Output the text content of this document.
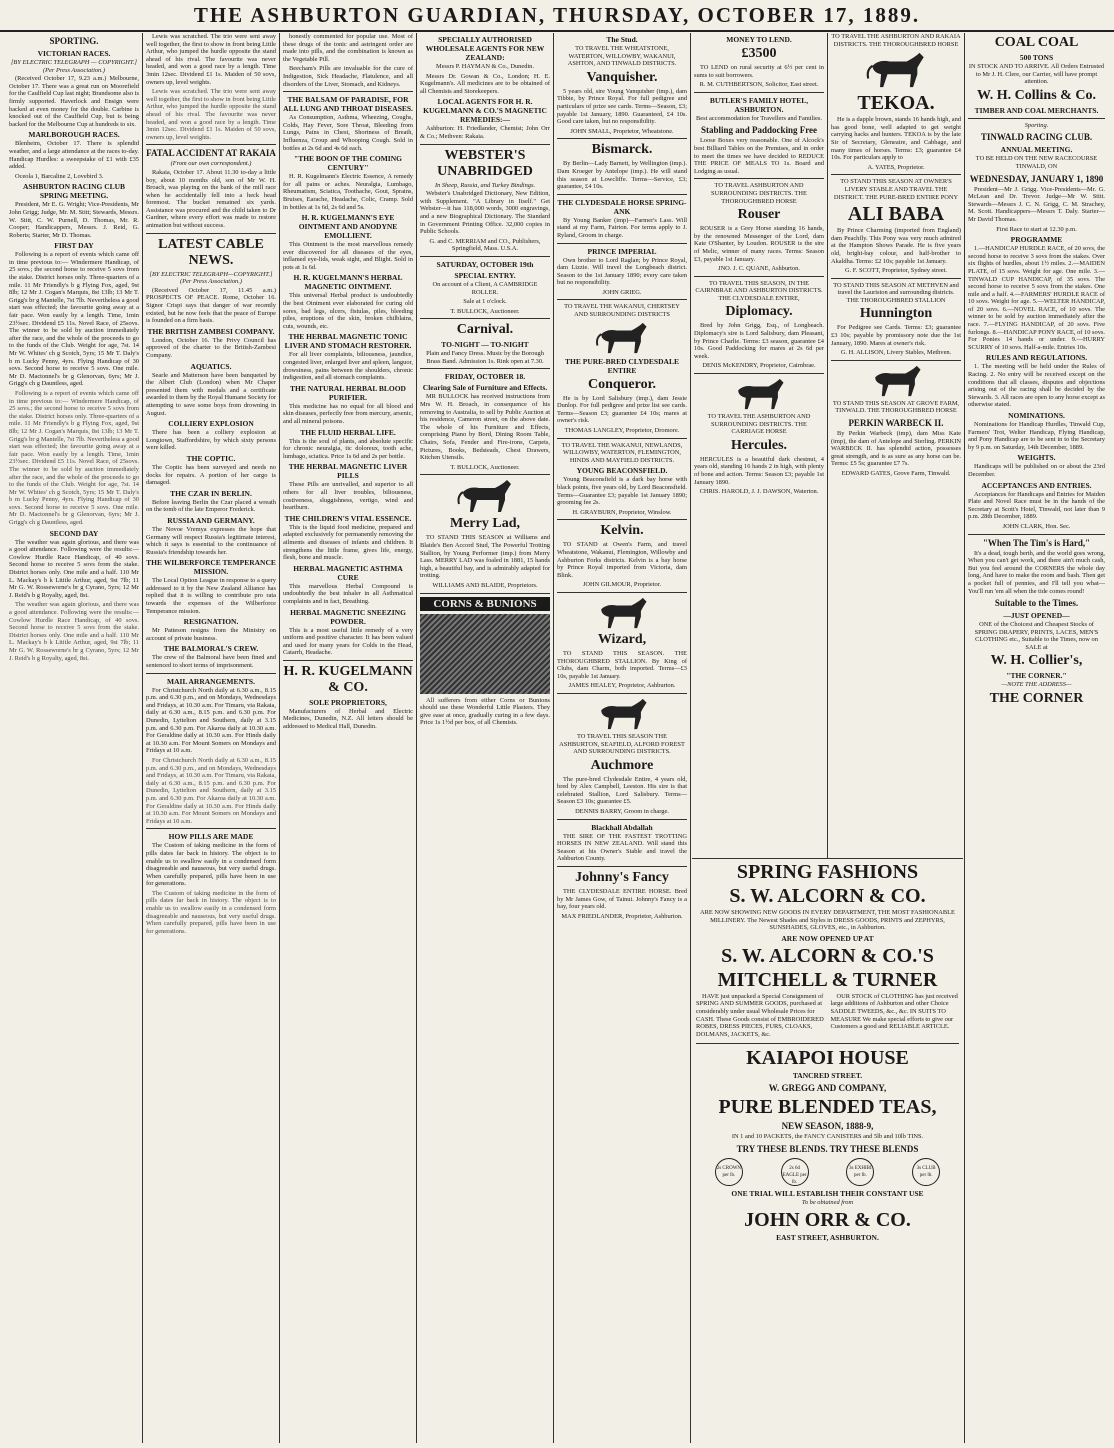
THE ASHBURTON GUARDIAN, THURSDAY, OCTOBER 17, 1889.
SPORTING.
VICTORIAN RACES.
[BY ELECTRIC TELEGRAPH — COPYRIGHT.] (Per Press Association.)

(Received October 17, 9.23 a.m.) Melbourne, October 17. There was a great run on Moorefield for the Caulfield Cup last night; Brandsome also is firmly supported. Haverlock and Ensign were backed at even money for the double. Carbine is knocked out of the Caulfield Cup, but is being backed for the Melbourne Cup at hundreds to six.

MARLBOROUGH RACES.

Blenheim, October 17. There is splendid weather, and a large attendance at the races to-day. Handicap Hurdles: a sweepstake of £1 with £35 added.

Oceola 1, Barcaline 2, Lovebird 3.

ASHBURTON RACING CLUB SPRING MEETING.

President, Mr E. G. Wright; Vice-Presidents, Mr John Grigg; Judge, Mr. M. Stitt; Stewards, Messrs. W. Stitt, C. W. Purnell, D. Thomas, Mr. R. Cooper; Handicappers, Messrs. J. Reid, G. Roberts; Starter, Mr D. Thomas.

FIRST DAY

Following is a report of events which came off in time previous to:— Windermere Handicap, of 25 sovs.; the second horse to receive 5 sovs from the stake. District horses only. Three-quarters of a mile. 11 Mr Friendly's b g Flying Fox, aged, 9st 8lb; 12 Mr J. Cogan's Marquis, 8st 13lb; 13 Mr T. Grigg's br g Mantelle, 7st 7lb. Nevertheless a good start was effected; the favourite going away at a fair pace. Won easily by a length. Time, 1min 23½sec. Dividend £5 11s. Novel Race, of 25sovs. The winner to be sold by auction immediately after the race, and the whole of the proceeds to go to the funds of the Club. Weight for age, 7st. 14 Mr W. Whites' ch g Scotch, 5yrs; 15 Mr T. Daly's b m Lucky Penny, 4yrs. Flying Handicap of 30 sovs. Second horse to receive 5 sovs. One mile. Mr D. Mactonnel's br g Glenorvan, 6yrs; Mr J. Grigg's ch g Dauntless, aged.

Following is a report of events which came off in time previous to:— Windermere Handicap, of 25 sovs.; the second horse to receive 5 sovs from the stake. District horses only. Three-quarters of a mile. 11 Mr Friendly's b g Flying Fox, aged, 9st 8lb; 12 Mr J. Cogan's Marquis, 8st 13lb; 13 Mr T. Grigg's br g Mantelle, 7st 7lb. Nevertheless a good start was effected; the favourite going away at a fair pace. Won easily by a length. Time, 1min 23½sec. Dividend £5 11s. Novel Race, of 25sovs. The winner to be sold by auction immediately after the race, and the whole of the proceeds to go to the funds of the Club. Weight for age, 7st. 14 Mr W. Whites' ch g Scotch, 5yrs; 15 Mr T. Daly's b m Lucky Penny, 4yrs. Flying Handicap of 30 sovs. Second horse to receive 5 sovs. One mile. Mr D. Mactonnel's br g Glenorvan, 6yrs; Mr J. Grigg's ch g Dauntless, aged.

SECOND DAY

The weather was again glorious, and there was a good attendance. Following were the results:— Cowlow Hurdle Race Handicap, of 40 sovs. Second horse to receive 5 sovs from the stake. District horses only. One mile and a half. 110 Mr L. Mackay's b k Lititle Arthur, aged, 9st 7lb; 11 Mr G. W. Rosseworne's br g Cyrano, 5yrs; 12 Mr J. Reid's b g Royalty, aged, 8st.

The weather was again glorious, and there was a good attendance. Following were the results:— Cowlow Hurdle Race Handicap, of 40 sovs. Second horse to receive 5 sovs from the stake. District horses only. One mile and a half. 110 Mr L. Mackay's b k Lititle Arthur, aged, 9st 7lb; 11 Mr G. W. Rosseworne's br g Cyrano, 5yrs; 12 Mr J. Reid's b g Royalty, aged, 8st.

Lewis was scratched. The trio were sent away well together, the first to show in front being Little Arthur, who jumped the hurdle opposite the stand ahead of his rival. The favourite was never headed, and won a good race by a length. Time 3min 12sec. Dividend £1 1s. Maiden of 50 sovs, owners up, level weights.

Lewis was scratched. The trio were sent away well together, the first to show in front being Little Arthur, who jumped the hurdle opposite the stand ahead of his rival. The favourite was never headed, and won a good race by a length. Time 3min 12sec. Dividend £1 1s. Maiden of 50 sovs, owners up, level weights.

FATAL ACCIDENT AT RAKAIA
(From our own correspondent.)

Rakaia, October 17. About 11.30 to-day a little boy, about 10 months old, son of Mr W. H. Broach, was playing on the bank of the mill race when he accidentally fell into a heck head foremost. The bucket remained six yards. Assistance was procured and the child taken to Dr Gardner, where every effort was made to restore animation but without success.

LATEST CABLE NEWS.
[BY ELECTRIC TELEGRAPH—COPYRIGHT.] (Per Press Association.)

(Received October 17, 11.45 a.m.) PROSPECTS OF PEACE. Rome, October 16. Signor Crispi says that danger of war recently existed, but he now feels that the peace of Europe is founded on a firm basis.

THE BRITISH ZAMBESI COMPANY.

London, October 16. The Privy Council has approved of the charter to the British-Zambesi Company.

AQUATICS.

Searle and Matterson have been banqueted by the Albert Club (London) when Mr Chaper presented them with medals and a certificate awarded to them by the Royal Humane Society for attempting to save some boys from drowning in August.

COLLIERY EXPLOSION

There has been a colliery explosion at Longtown, Staffordshire, by which sixty persons were killed.

THE COPTIC.

The Coptic has been surveyed and needs no docks for repairs. A portion of her cargo is damaged.

THE CZAR IN BERLIN.

Before leaving Berlin the Czar placed a wreath on the tomb of the late Emperor Frederick.

RUSSIA AND GERMANY.

The Novoe Vremya expresses the hope that Germany will respect Russia's legitimate interest, which it says is essential to the continuance of Russia's friendship towards her.

THE WILBERFORCE TEMPERANCE MISSION.

The Local Option League in response to a query addressed to it by the New Zealand Alliance has replied that it is willing to contribute pro rata towards the expenses of the Wilberforce Temperance mission.

RESIGNATION.

Mr Patteson resigns from the Ministry on account of private business.

THE BALMORAL'S CREW.

The crew of the Balmoral have been fined and sentenced to short terms of imprisonment.

MAIL ARRANGEMENTS.

For Christchurch North daily at 6.30 a.m., 8.15 p.m. and 6.30 p.m., and on Mondays, Wednesdays and Fridays, at 10.30 a.m. For Timaru, via Rakaia, daily at 6.30 a.m., 8.15 p.m. and 6.30 p.m. For Dunedin, Lyttelton and Southern, daily at 3.15 p.m. and 6.30 p.m. For Akaroa daily at 10.30 a.m. For Geraldine daily at 10.30 a.m. For Hinds daily at 10.30 a.m. For Mount Somers on Mondays and Fridays at 10 a.m.

For Christchurch North daily at 6.30 a.m., 8.15 p.m. and 6.30 p.m., and on Mondays, Wednesdays and Fridays, at 10.30 a.m. For Timaru, via Rakaia, daily at 6.30 a.m., 8.15 p.m. and 6.30 p.m. For Dunedin, Lyttelton and Southern, daily at 3.15 p.m. and 6.30 p.m. For Akaroa daily at 10.30 a.m. For Geraldine daily at 10.30 a.m. For Hinds daily at 10.30 a.m. For Mount Somers on Mondays and Fridays at 10 a.m.

HOW PILLS ARE MADE

The Custom of taking medicine in the form of pills dates far back in history. The object is to enable us to swallow easily in a condensed form disagreeable and nauseous, but very useful drugs. When carefully prepared, pills have been in use for generations.

The Custom of taking medicine in the form of pills dates far back in history. The object is to enable us to swallow easily in a condensed form disagreeable and nauseous, but very useful drugs. When carefully prepared, pills have been in use for generations.

honestly commented for popular use. Most of these drugs of the tonic and astringent order are made into pills, and the combination is known as the Vegetable Pill.

Beecham's Pills are invaluable for the cure of Indigestion, Sick Headache, Flatulence, and all disorders of the Liver, Stomach, and Kidneys.

THE BALSAM OF PARADISE, FOR ALL LUNG AND THROAT DISEASES.

As Consumption, Asthma, Wheezing, Coughs, Colds, Hay Fever, Sore Throat, Bleeding from Lungs, Pains in Chest, Shortness of Breath, Influenza, Croup and Whooping Cough. Sold in bottles at 2s 6d and 4s 6d each.

"THE BOON OF THE COMING CENTURY"

H. R. Kugelmann's Electric Essence, A remedy for all pains or aches. Neuralgia, Lumbago, Rheumatism, Sciatica, Toothache, Gout, Sprains, Bruises, Earache, Headache, Colic, Cramp. Sold in bottles at 1s 6d, 2s 6d and 5s.

H. R. KUGELMANN'S EYE OINTMENT AND ANODYNE EMOLLIENT.

This Ointment is the most marvellous remedy ever discovered for all diseases of the eyes, inflamed eye-lids, weak sight, and Blight. Sold in pots at 1s 6d.

H. R. KUGELMANN'S HERBAL MAGNETIC OINTMENT.

This universal Herbal product is undoubtedly the best Ointment ever elaborated for curing old sores, bad legs, ulcers, fistulas, piles, bleeding piles, eruptions of the skin, broken chilblains, cuts, wounds, etc.

THE HERBAL MAGNETIC TONIC LIVER AND STOMACH RESTORER.

For all liver complaints, biliousness, jaundice, congested liver, enlarged liver and spleen, languor, drowsiness, pains between the shoulders, chronic indigestion, and all stomach complaints.

THE NATURAL HERBAL BLOOD PURIFIER.

This medicine has no equal for all blood and skin diseases, perfectly free from mercury, arsenic, and all mineral poisons.

THE FLUID HERBAL LIFE.

This is the soul of plants, and absolute specific for chronic neuralgia, tic doloreux, tooth ache, lumbago, sciatica. Price 1s 6d and 2s per bottle.

THE HERBAL MAGNETIC LIVER PILLS

These Pills are unrivalled, and superior to all others for all liver troubles, biliousness, costiveness, sluggishness, vertigo, wind and heartburn.

THE CHILDREN'S VITAL ESSENCE.

This is the liquid food medicine, prepared and adapted exclusively for permanently removing the ailments and diseases of infants and children. It strengthens the little frame, gives life, energy, flesh, bone and muscle.

HERBAL MAGNETIC ASTHMA CURE

This marvellous Herbal Compound is undoubtedly the best inhaler in all Asthmatical complaints and in fact, Breathing.

HERBAL MAGNETIC SNEEZING POWDER.

This is a most useful little remedy of a very uniform and positive character. It has been valued and used for many years for Colds in the Head, Catarrh, Headache.

H. R. KUGELMANN & CO.
SOLE PROPRIETORS,

Manufacturers of Herbal and Electric Medicines, Dunedin, N.Z. All letters should be addressed to Medical Hall, Dunedin.

SPECIALLY AUTHORISED WHOLESALE AGENTS FOR NEW ZEALAND:

Messrs P. HAYMAN & Co., Dunedin.

Messrs Dr. Gowan & Co., London; H. E. Kugelmann's. All medicines are to be obtained of all Chemists and Storekeepers.

LOCAL AGENTS FOR H. R. KUGELMANN & CO.'S MAGNETIC REMEDIES:—

Ashburton: H. Friedlander, Chemist; John Orr & Co.; Methven: Rakaia.

WEBSTER'S UNABRIDGED
In Sheep, Russia, and Turkey Bindings.

Webster's Unabridged Dictionary, New Edition, with Supplement. "A Library in Itself." Get Webster—it has 118,000 words, 3000 engravings, and a new Biographical Dictionary. The Standard in Government Printing Office. 32,000 copies in Public Schools.

G. and C. MERRIAM and CO., Publishers, Springfield, Mass. U.S.A.

SATURDAY, OCTOBER 19th
SPECIAL ENTRY.

On account of a Client, A CAMBRIDGE ROLLER.

Sale at 1 o'clock.

T. BULLOCK, Auctioneer.

Carnival.
TO-NIGHT — TO-NIGHT

Plain and Fancy Dress. Music by the Borough Brass Band. Admission 1s. Rink open at 7.30.

FRIDAY, OCTOBER 18.
Clearing Sale of Furniture and Effects.

MR BULLOCK has received instructions from Mrs W. H. Broach, in consequence of his removing to Australia, to sell by Public Auction at his residence, Cameron street, on the above date. The whole of his Furniture and Effects, comprising Piano by Bord, Dining Room Table, Chairs, Sofa, Fender and Fire-irons, Carpets, Pictures, Books, Bedsteads, Chest Drawers, Kitchen Utensils.

T. BULLOCK, Auctioneer.

Merry Lad,

TO STAND THIS SEASON at Williams and Blaide's Ben Accord Stud, The Powerful Trotting Stallion, by Young Performer (imp.) from Merry Lass. MERRY LAD was foaled in 1881, 15 hands high, a beautiful bay, and is admirably adapted for trotting.

WILLIAMS AND BLAIDE, Proprietors.

CORNS & BUNIONS

All sufferers from either Corns or Bunions should use these Wonderful Little Plasters. They give ease at once, gradually curing in a few days. Price 1s 1½d per box, of all Chemists.

The Stud.

TO TRAVEL THE WHEATSTONE, WATERTON, WILLOWBY, WAKANUI, ASHTON, AND TINWALD DISTRICTS.

Vanquisher.

5 years old, sire Young Vanquisher (imp.), dam Tibbie, by Prince Royal. For full pedigree and particulars of prize see cards. Terms—Season, £3; payable 1st January, 1890. Guaranteed, £4 10s. Good care taken, but no responsibility.

JOHN SMALL, Proprietor, Wheatstone.

Bismarck.

By Berlin—Lady Barnett, by Wellington (imp.). Dam Kroeger by Antelope (imp.). He will stand this season at Lowcliffe. Terms—Service, £3; guarantee, £4 10s.

THE CLYDESDALE HORSE SPRING-ANK

By Young Banker (imp)—Farmer's Lass. Will stand at my Farm, Fairton. For terms apply to J. Ryland, Groom in charge.

PRINCE IMPERIAL

Own brother to Lord Raglan; by Prince Royal, dam Lizzie. Will travel the Longbeach district. Season to the 1st January 1890; every care taken but no responsibility.

JOHN GRIEG.

TO TRAVEL THE WAKANUI, CHERTSEY AND SURROUNDING DISTRICTS

THE PURE-BRED CLYDESDALE ENTIRE
Conqueror.

He is by Lord Salisbury (imp.), dam Jessie Dunlop. For full pedigree and prize list see cards. Terms—Season £3; guarantee £4 10s; mares at owner's risk.

THOMAS LANGLEY, Proprietor, Dromore.

TO TRAVEL THE WAKANUI, NEWLANDS, WILLOWBY, WATERTON, FLEMINGTON, HINDS AND MAYFIELD DISTRICTS.

YOUNG BEACONSFIELD.

Young Beaconsfield is a dark bay horse with black points, five years old, by Lord Beaconsfield. Terms—Guarantee £3; payable 1st January 1890; grooming fee 2s.

H. GRAYBURN, Proprietor, Winslow.

Kelvin.

TO STAND at Owen's Farm, and travel Wheatstone, Wakanui, Flemington, Willowby and Ashburton Forks districts. Kelvin is a bay horse by Prince Royal imported from Victoria, dam Blink.

JOHN GILMOUR, Proprietor.

Wizard,

TO STAND THIS SEASON. THE THOROUGHBRED STALLION. By King of Clubs, dam Charm, both imported. Terms—£3 10s, payable 1st January.

JAMES HEALEY, Proprietor, Ashburton.

TO TRAVEL THIS SEASON THE ASHBURTON, SEAFIELD, ALFORD FOREST AND SURROUNDING DISTRICTS.

Auchmore

The pure-bred Clydesdale Entire, 4 years old, bred by Alex Campbell, Leeston. His sire is that celebrated Stallion, Lord Salisbury. Terms—Season £3 10s; guarantee £5.

DENNIS BARRY, Groom in charge.

Blackhall Abdallah

THE SIRE OF THE FASTEST TROTTING HORSES IN NEW ZEALAND. Will stand this Season at his Owner's Stable and travel the Ashburton County.

Johnny's Fancy

THE CLYDESDALE ENTIRE HORSE. Bred by Mr James Gow, of Tainui. Johnny's Fancy is a bay, four years old.

MAX FRIEDLANDER, Proprietor, Ashburton.

MONEY TO LEND.
£3500

TO LEND on rural security at 6½ per cent in sums to suit borrowers.

R. M. CUTHBERTSON, Solicitor, East street.

BUTLER'S FAMILY HOTEL, ASHBURTON.

Best accommodation for Travellers and Families.

Stabling and Paddocking Free

Loose Boxes very reasonable. One of Alcock's best Billiard Tables on the Premises, and in order to meet the times we have decided to REDUCE THE PRICE OF MEALS TO 1s. Board and Lodging as usual.

TO TRAVEL ASHBURTON AND SURROUNDING DISTRICTS. THE THOROUGHBRED HORSE

Rouser

ROUSER is a Grey Horse standing 16 hands, by the renowned Messenger of the Lord, dam Kate O'Shanter, by Loudon. ROUSER is the sire of Melic, winner of many races. Terms: Season £3, payable 1st January.

JNO. J. C. QUANE, Ashburton.

TO TRAVEL THIS SEASON, IN THE CAIRNBRAE AND ASHBURTON DISTRICTS. THE CLYDESDALE ENTIRE,

Diplomacy.

Bred by John Grigg, Esq., of Longbeach. Diplomacy's sire is Lord Salisbury, dam Pleasant, by Prince Charlie. Terms: £3 season, guarantee £4 10s. Good Paddocking for mares at 2s 6d per week.

DENIS McKENDRY, Proprietor, Cairnbrae.

TO TRAVEL THE ASHBURTON AND SURROUNDING DISTRICTS. THE CARRIAGE HORSE

Hercules.

HERCULES is a beautiful dark chestnut, 4 years old, standing 16 hands 2 in high, with plenty of bone and action. Terms: Season £3; payable 1st January 1890.

CHRIS. HAROLD, J. J. DAWSON, Waterton.

TO TRAVEL THE ASHBURTON AND RAKAIA DISTRICTS. THE THOROUGHBRED HORSE

TEKOA.

He is a dapple brown, stands 16 hands high, and has good bone, well adapted to get weight carrying hacks and hunters. TEKOA is by the late Sir of Secretary, Gleneaire, and Cabbage, and many times of horses. Terms: £3; guarantee £4 10s. For particulars apply to

A. YATES, Proprietor.

TO STAND THIS SEASON AT OWNER'S LIVERY STABLE AND TRAVEL THE DISTRICT. THE PURE-BRED ENTIRE PONY

ALI BABA

By Prince Charming (imported from England) dam Peachfly. This Pony was very much admired at the Hampton Shows Parade. He is five years old, bright-bay colour, and half-brother to Akaldha. Terms: £2 10s; payable 1st January.

G. F. SCOTT, Proprietor, Sydney street.

TO STAND THIS SEASON AT METHVEN and travel the Lauriston and surrounding districts. THE THOROUGHBRED STALLION

Hunnington

For Pedigree see Cards. Terms: £3; guarantee £3 10s; payable by promissory note due the 1st January, 1890. Mares at owner's risk.

G. H. ALLISON, Livery Stables, Methven.

TO STAND THIS SEASON AT GROVE FARM, TINWALD. THE THOROUGHBRED HORSE

PERKIN WARBECK II.

By Perkin Warbeck (imp), dam Miss Kate (imp), the dam of Antelope and Sterling. PERKIN WARBECK II. has splendid action, possesses great strength, and is as sure as any horse can be. Terms: £5 5s; guarantee £7 7s.

EDWARD GATES, Grove Farm, Tinwald.

COAL COAL
500 TONS

IN STOCK AND TO ARRIVE. All Orders Entrusted to Mr J. H. Clere, our Carrier, will have prompt attention.

W. H. Collins & Co.
TIMBER AND COAL MERCHANTS.
Sporting.
TINWALD RACING CLUB.
ANNUAL MEETING.

TO BE HELD ON THE NEW RACECOURSE TINWALD, ON

WEDNESDAY, JANUARY 1, 1890

President—Mr J. Grigg. Vice-Presidents—Mr. G. McLean and Dr. Trevor. Judge—Mr W. Stitt. Stewards—Messrs J. C. N. Grigg, C. M. Strachey, M. Scott. Handicappers—Messrs T. Daly. Starter—Mr David Thomas.

First Race to start at 12.30 p.m.

PROGRAMME

1.—HANDICAP HURDLE RACE, of 20 sovs, the second horse to receive 3 sovs from the stakes. Over six flights of hurdles, about 1½ miles. 2.—MAIDEN PLATE, of 15 sovs. Weight for age. One mile. 3.—TINWALD CUP HANDICAP, of 35 sovs. The second horse to receive 5 sovs from the stakes. One mile and a half. 4.—FARMERS' HURDLE RACE of 10 sovs. Weight for age. 5.—WELTER HANDICAP, of 20 sovs. 6.—NOVEL RACE, of 10 sovs. The winner to be sold by auction immediately after the race. 7.—FLYING HANDICAP, of 20 sovs. Five furlongs. 8.—HANDICAP PONY RACE, of 10 sovs. For Ponies 14 hands or under. 9.—HURRY SCURRY of 10 sovs. Half-a-mile. Entries 10s.

RULES AND REGULATIONS.

1. The meeting will be held under the Rules of Racing. 2. No entry will be received except on the conditions that all classes, disputes and objections arising out of the racing shall be decided by the Stewards. 3. All races are open to any horse except as otherwise stated.

NOMINATIONS.

Nominations for Handicap Hurdles, Tinwald Cup, Farmers' Trot, Welter Handicap, Flying Handicap, and Pony Handicap are to be sent in to the Secretary by 9 p.m. on Saturday, 14th December, 1889.

WEIGHTS.

Handicaps will be published on or about the 23rd December.

ACCEPTANCES AND ENTRIES.

Acceptances for Handicaps and Entries for Maiden Plate and Novel Race must be in the hands of the Secretary at Scott's Hotel, Tinwald, not later than 9 p.m. 28th December, 1889.

JOHN CLARK, Hon. Sec.

"When The Tim's is Hard,"

It's a dead, tough berth, and the world goes wrong, When you can't get work, and there ain't much cash, But you feel around the CORNERS the whole day long, And have to make the room and bash. Then get a pocket full of pennies, and I'll tell you what—You'll run 'em all when the tide comes round!

Suitable to the Times.
—JUST OPENED—

ONE of the Choicest and Cheapest Stocks of SPRING DRAPERY, PRINTS, LACES, MEN'S CLOTHING etc., Suitable to the Times, now on SALE at

W. H. Collier's,
"THE CORNER."
—NOTE THE ADDRESS—
THE CORNER
SPRING FASHIONS
S. W. ALCORN & CO.

ARE NOW SHOWING NEW GOODS IN EVERY DEPARTMENT, THE MOST FASHIONABLE MILLINERY. The Newest Shades and Styles in DRESS GOODS, PRINTS and ZEPHYRS, SUNSHADES, GLOVES, etc., in Ashburton.

ARE NOW OPENED UP AT
S. W. ALCORN & CO.'S
MITCHELL & TURNER

HAVE just unpacked a Special Consignment of SPRING AND SUMMER GOODS, purchased at considerably under usual Wholesale Prices for CASH. These Goods consist of EMBROIDERED ROBES, DRESS PIECES, FURS, CLOAKS, DOLMANS, JACKETS, &c.

OUR STOCK of CLOTHING has just received large additions of Ashburton and other Choice SADDLE TWEEDS, &c., &c. IN SUITS TO MEASURE We make special efforts to give our Customers a good and RELIABLE ARTICLE.

KAIAPOI HOUSE
TANCRED STREET.
W. GREGG AND COMPANY,
PURE BLENDED TEAS,
NEW SEASON, 1888-9,

IN 1 and 10 PACKETS, the FANCY CANISTERS and 5lb and 10lb TINS.

TRY THESE BLENDS. TRY THESE BLENDS
2s CROWN per lb.
2s 6d EAGLE per lb.
3s EXHIBI per lb.
3s CLUB per lb.
ONE TRIAL WILL ESTABLISH THEIR CONSTANT USE
To be obtained from
JOHN ORR & CO.
EAST STREET, ASHBURTON.
